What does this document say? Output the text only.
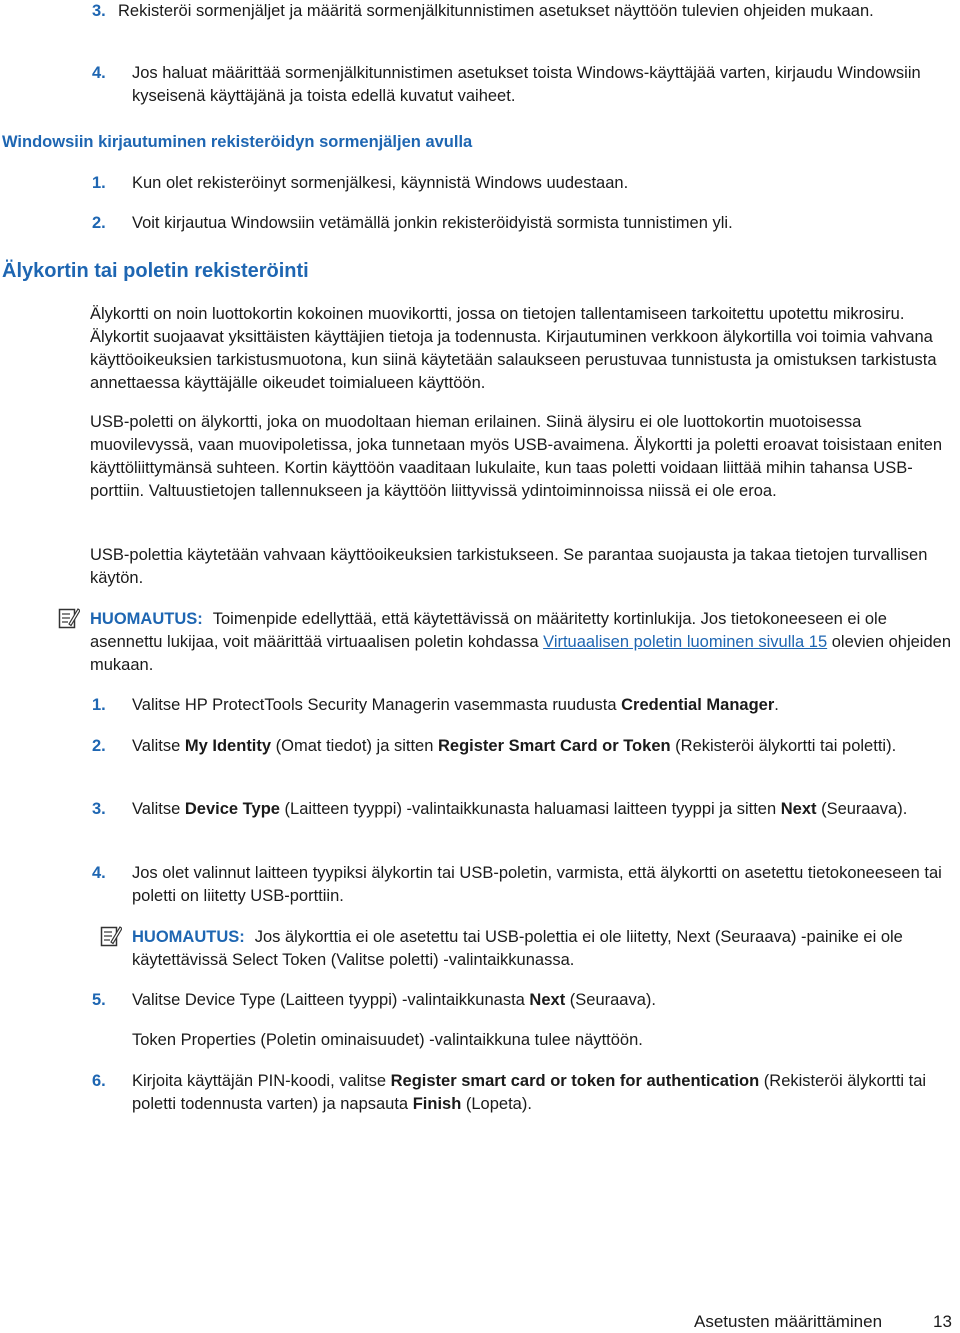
3. Rekisteröi sormenjäljet ja määritä sormenjälkitunnistimen asetukset näyttöön tulevien ohjeiden mukaan.

4. Jos haluat määrittää sormenjälkitunnistimen asetukset toista Windows-käyttäjää varten, kirjaudu Windowsiin kyseisenä käyttäjänä ja toista edellä kuvatut vaiheet.

Windowsiin kirjautuminen rekisteröidyn sormenjäljen avulla
1. Kun olet rekisteröinyt sormenjälkesi, käynnistä Windows uudestaan.

2. Voit kirjautua Windowsiin vetämällä jonkin rekisteröidyistä sormista tunnistimen yli.

Älykortin tai poletin rekisteröinti

Älykortti on noin luottokortin kokoinen muovikortti, jossa on tietojen tallentamiseen tarkoitettu upotettu mikrosiru. Älykortit suojaavat yksittäisten käyttäjien tietoja ja todennusta. Kirjautuminen verkkoon älykortilla voi toimia vahvana käyttöoikeuksien tarkistusmuotona, kun siinä käytetään salaukseen perustuvaa tunnistusta ja omistuksen tarkistusta annettaessa käyttäjälle oikeudet toimialueen käyttöön.

USB-poletti on älykortti, joka on muodoltaan hieman erilainen. Siinä älysiru ei ole luottokortin muotoisessa muovilevyssä, vaan muovipoletissa, joka tunnetaan myös USB-avaimena. Älykortti ja poletti eroavat toisistaan eniten käyttöliittymänsä suhteen. Kortin käyttöön vaaditaan lukulaite, kun taas poletti voidaan liittää mihin tahansa USB-porttiin. Valtuustietojen tallennukseen ja käyttöön liittyvissä ydintoiminnoissa niissä ei ole eroa.

USB-polettia käytetään vahvaan käyttöoikeuksien tarkistukseen. Se parantaa suojausta ja takaa tietojen turvallisen käytön.

HUOMAUTUS: Toimenpide edellyttää, että käytettävissä on määritetty kortinlukija. Jos tietokoneeseen ei ole asennettu lukijaa, voit määrittää virtuaalisen poletin kohdassa Virtuaalisen poletin luominen sivulla 15 olevien ohjeiden mukaan.

1. Valitse HP ProtectTools Security Managerin vasemmasta ruudusta Credential Manager.

2. Valitse My Identity (Omat tiedot) ja sitten Register Smart Card or Token (Rekisteröi älykortti tai poletti).

3. Valitse Device Type (Laitteen tyyppi) -valintaikkunasta haluamasi laitteen tyyppi ja sitten Next (Seuraava).

4. Jos olet valinnut laitteen tyypiksi älykortin tai USB-poletin, varmista, että älykortti on asetettu tietokoneeseen tai poletti on liitetty USB-porttiin.

HUOMAUTUS: Jos älykorttia ei ole asetettu tai USB-polettia ei ole liitetty, Next (Seuraava) -painike ei ole käytettävissä Select Token (Valitse poletti) -valintaikkunassa.

5. Valitse Device Type (Laitteen tyyppi) -valintaikkunasta Next (Seuraava).

Token Properties (Poletin ominaisuudet) -valintaikkuna tulee näyttöön.

6. Kirjoita käyttäjän PIN-koodi, valitse Register smart card or token for authentication (Rekisteröi älykortti tai poletti todennusta varten) ja napsauta Finish (Lopeta).

Asetusten määrittäminen	13
